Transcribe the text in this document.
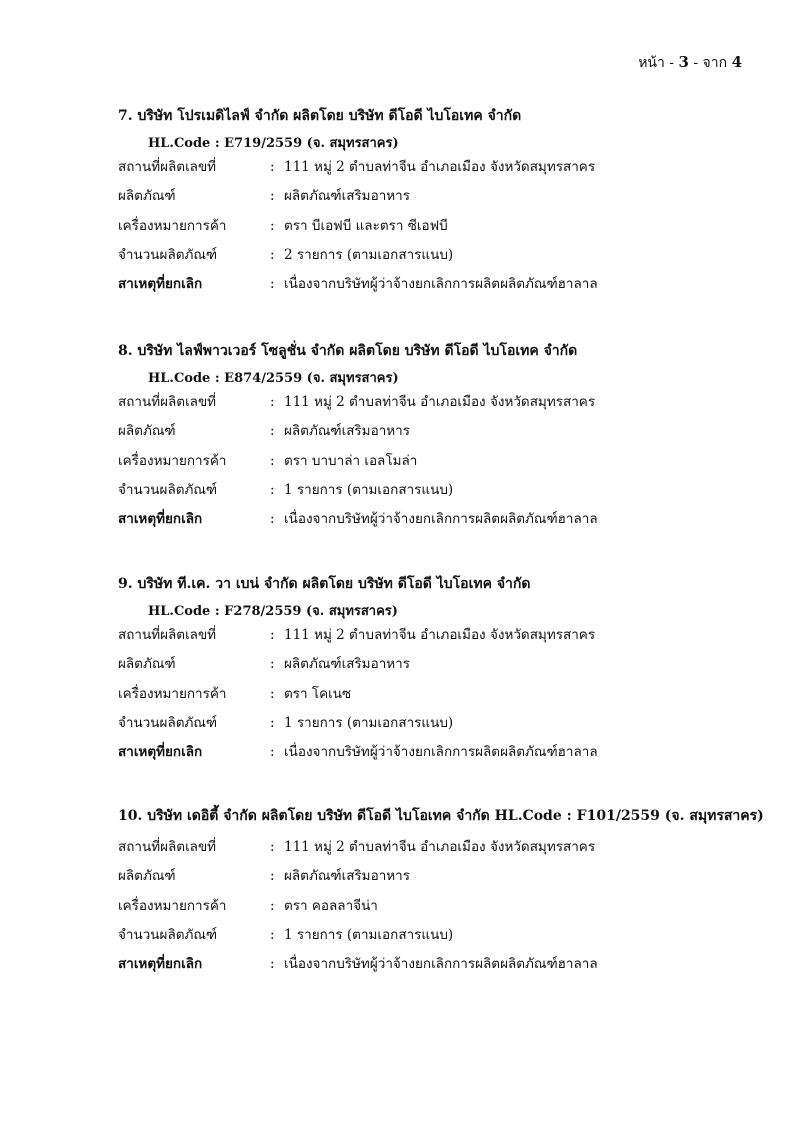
หน้า - 3 - จาก 4
7. บริษัท โปรเมดิไลฟ์ จำกัด ผลิตโดย บริษัท ดีโอดี ไบโอเทค จำกัด
HL.Code : E719/2559 (จ. สมุทรสาคร)
สถานที่ผลิตเลขที่	: 111 หมู่ 2 ตำบลท่าจีน อำเภอเมือง จังหวัดสมุทรสาคร
ผลิตภัณฑ์	: ผลิตภัณฑ์เสริมอาหาร
เครื่องหมายการค้า	: ตรา บีเอฟบี และตรา ซีเอฟบี
จำนวนผลิตภัณฑ์	: 2 รายการ (ตามเอกสารแนบ)
สาเหตุที่ยกเลิก	: เนื่องจากบริษัทผู้ว่าจ้างยกเลิกการผลิตผลิตภัณฑ์ฮาลาล
8. บริษัท ไลฟ์พาวเวอร์ โซลูชั่น จำกัด ผลิตโดย บริษัท ดีโอดี ไบโอเทค จำกัด
HL.Code : E874/2559 (จ. สมุทรสาคร)
สถานที่ผลิตเลขที่	: 111 หมู่ 2 ตำบลท่าจีน อำเภอเมือง จังหวัดสมุทรสาคร
ผลิตภัณฑ์	: ผลิตภัณฑ์เสริมอาหาร
เครื่องหมายการค้า	: ตรา บาบาล่า เอลโมล่า
จำนวนผลิตภัณฑ์	: 1 รายการ (ตามเอกสารแนบ)
สาเหตุที่ยกเลิก	: เนื่องจากบริษัทผู้ว่าจ้างยกเลิกการผลิตผลิตภัณฑ์ฮาลาล
9. บริษัท ที.เค. วา เบน่ จำกัด ผลิตโดย บริษัท ดีโอดี ไบโอเทค จำกัด
HL.Code : F278/2559 (จ. สมุทรสาคร)
สถานที่ผลิตเลขที่	: 111 หมู่ 2 ตำบลท่าจีน อำเภอเมือง จังหวัดสมุทรสาคร
ผลิตภัณฑ์	: ผลิตภัณฑ์เสริมอาหาร
เครื่องหมายการค้า	: ตรา โคเนซ
จำนวนผลิตภัณฑ์	: 1 รายการ (ตามเอกสารแนบ)
สาเหตุที่ยกเลิก	: เนื่องจากบริษัทผู้ว่าจ้างยกเลิกการผลิตผลิตภัณฑ์ฮาลาล
10. บริษัท เดอิตี้ จำกัด ผลิตโดย บริษัท ดีโอดี ไบโอเทค จำกัด HL.Code : F101/2559 (จ. สมุทรสาคร)
สถานที่ผลิตเลขที่	: 111 หมู่ 2 ตำบลท่าจีน อำเภอเมือง จังหวัดสมุทรสาคร
ผลิตภัณฑ์	: ผลิตภัณฑ์เสริมอาหาร
เครื่องหมายการค้า	: ตรา คอลลาจีน่า
จำนวนผลิตภัณฑ์	: 1 รายการ (ตามเอกสารแนบ)
สาเหตุที่ยกเลิก	: เนื่องจากบริษัทผู้ว่าจ้างยกเลิกการผลิตผลิตภัณฑ์ฮาลาล
